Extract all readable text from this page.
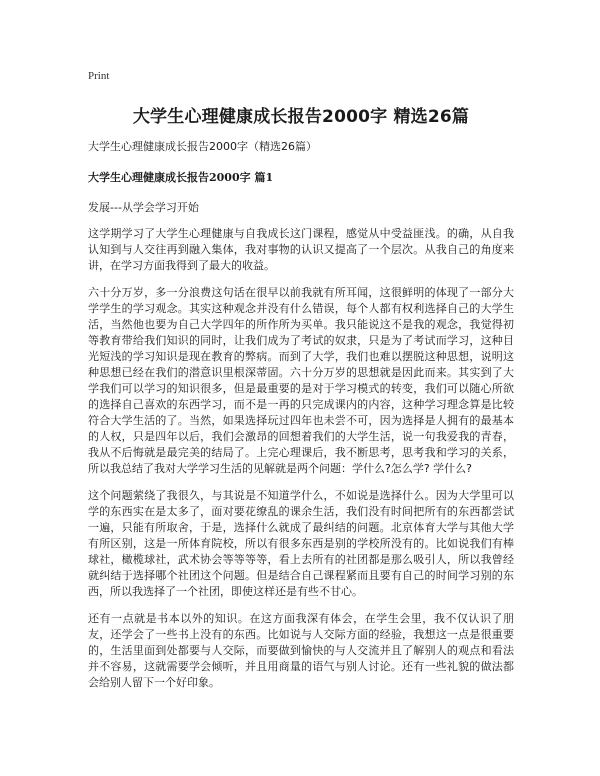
Print
大学生心理健康成长报告2000字 精选26篇
大学生心理健康成长报告2000字（精选26篇）
大学生心理健康成长报告2000字 篇1
发展---从学会学习开始

这学期学习了大学生心理健康与自我成长这门课程，感觉从中受益匪浅。的确，从自我认知到与人交往再到融入集体，我对事物的认识又提高了一个层次。从我自己的角度来讲，在学习方面我得到了最大的收益。

六十分万岁，多一分浪费这句话在很早以前我就有所耳闻，这很鲜明的体现了一部分大学学生的学习观念。其实这种观念并没有什么错误，每个人都有权利选择自己的大学生活，当然他也要为自己大学四年的所作所为买单。我只能说这不是我的观念，我觉得初等教育带给我们知识的同时，让我们成为了考试的奴隶，只是为了考试而学习，这种目光短浅的学习知识是现在教育的弊病。而到了大学，我们也难以摆脱这种思想，说明这种思想已经在我们的潜意识里根深蒂固。六十分万岁的思想就是因此而来。其实到了大学我们可以学习的知识很多，但是最重要的是对于学习模式的转变，我们可以随心所欲的选择自己喜欢的东西学习，而不是一再的只完成课内的内容，这种学习理念算是比较符合大学生活的了。当然，如果选择玩过四年也未尝不可，因为选择是人拥有的最基本的人权，只是四年以后，我们会激昂的回想着我们的大学生活，说一句我爱我的青春，我从不后悔就是最完美的结局了。上完心理课后，我不断思考，思考我和学习的关系，所以我总结了我对大学学习生活的见解就是两个问题：学什么?怎么学? 学什么?

这个问题萦绕了我很久，与其说是不知道学什么，不如说是选择什么。因为大学里可以学的东西实在是太多了，面对要花缭乱的课余生活，我们没有时间把所有的东西都尝试一遍，只能有所取舍，于是，选择什么就成了最纠结的问题。北京体育大学与其他大学有所区别，这是一所体育院校，所以有很多东西是别的学校所没有的。比如说我们有棒球社，橄榄球社，武术协会等等等等，看上去所有的社团都是那么吸引人，所以我曾经就纠结于选择哪个社团这个问题。但是结合自己课程紧而且要有自己的时间学习别的东西，所以我选择了一个社团，即使这样还是有些不甘心。

还有一点就是书本以外的知识。在这方面我深有体会，在学生会里，我不仅认识了朋友，还学会了一些书上没有的东西。比如说与人交际方面的经验，我想这一点是很重要的，生活里面到处都要与人交际，而要做到愉快的与人交流并且了解别人的观点和看法并不容易，这就需要学会倾听，并且用商量的语气与别人讨论。还有一些礼貌的做法都会给别人留下一个好印象。
